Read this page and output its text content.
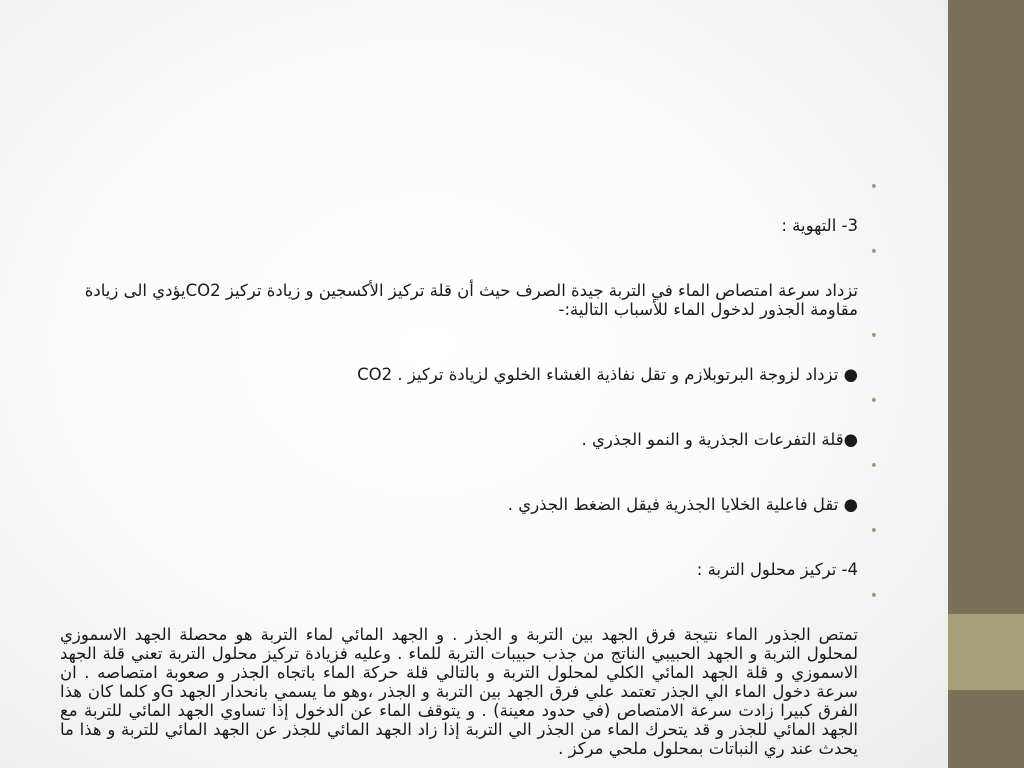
•

3- التهوية :

•

تزداد سرعة امتصاص الماء في التربة جيدة الصرف حيث أن قلة تركيز الأكسجين و زيادة تركيز CO2يؤدي الى زيادة مقاومة الجذور لدخول الماء للأسباب التالية:-

•

● تزداد لزوجة البرتوبلازم و تقل نفاذية الغشاء الخلوي لزيادة تركيز . CO2

•

●قلة التفرعات الجذرية و النمو الجذري .

•

● تقل فاعلية الخلايا الجذرية فيقل الضغط الجذري .

•

4- تركيز محلول التربة :

•

تمتص الجذور الماء نتيجة فرق الجهد بين التربة و الجذر . و الجهد المائي لماء التربة هو محصلة الجهد الاسموزي لمحلول التربة و الجهد الحبيبي الناتج من جذب حبيبات التربة للماء . وعليه فزيادة تركيز محلول التربة تعني قلة الجهد الاسموزي و قلة الجهد المائي الكلي لمحلول التربة و بالتالي قلة حركة الماء باتجاه الجذر و صعوبة امتصاصه . ان سرعة دخول الماء الي الجذر تعتمد علي فرق الجهد بين التربة و الجذر ،وهو ما يسمي بانحدار الجهد Gو كلما كان هذا الفرق كبيرا زادت سرعة الامتصاص (في حدود معينة) . و يتوقف الماء عن الدخول إذا تساوي الجهد المائي للتربة مع الجهد المائي للجذر و قد يتحرك الماء من الجذر الي التربة إذا زاد الجهد المائي للجذر عن الجهد المائي للتربة و هذا ما يحدث عند ري النباتات بمحلول ملحي مركز .
